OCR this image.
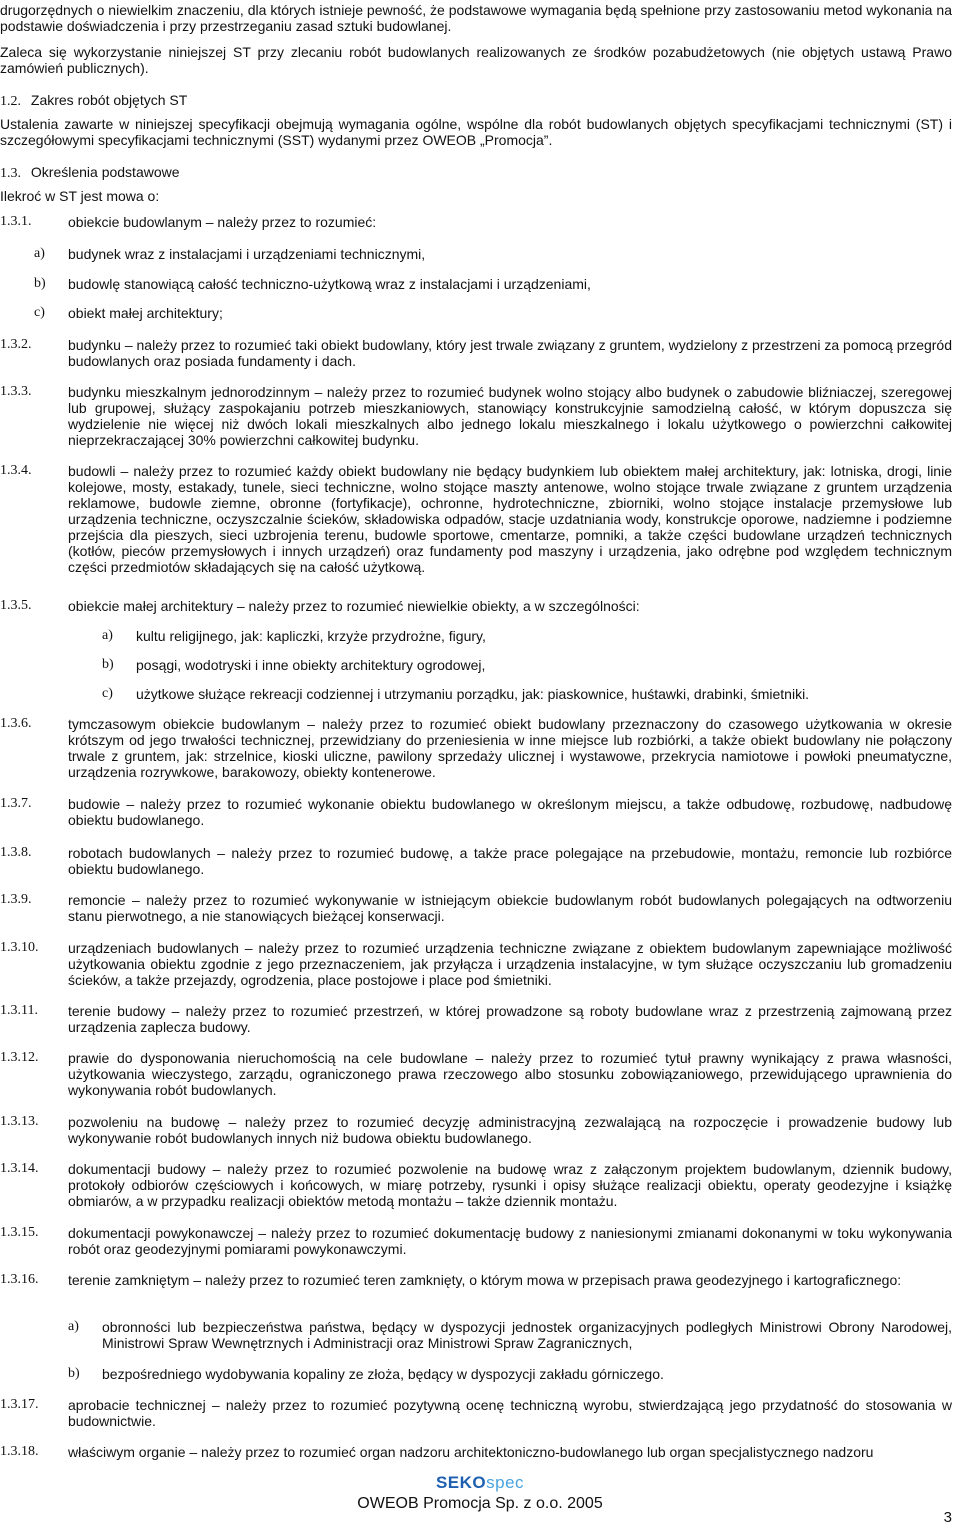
drugorzędnych o niewielkim znaczeniu, dla których istnieje pewność, że podstawowe wymagania będą spełnione przy zastosowaniu metod wykonania na podstawie doświadczenia i przy przestrzeganiu zasad sztuki budowlanej.

Zaleca się wykorzystanie niniejszej ST przy zlecaniu robót budowlanych realizowanych ze środków pozabudżetowych (nie objętych ustawą Prawo zamówień publicznych).

1.2. Zakres robót objętych ST

Ustalenia zawarte w niniejszej specyfikacji obejmują wymagania ogólne, wspólne dla robót budowlanych objętych specyfikacjami technicznymi (ST) i szczegółowymi specyfikacjami technicznymi (SST) wydanymi przez OWEOB „Promocja”.

1.3. Określenia podstawowe

Ilekroć w ST jest mowa o:

1.3.1.	obiekcie budowlanym – należy przez to rozumieć:

a) budynek wraz z instalacjami i urządzeniami technicznymi,

b) budowlę stanowiącą całość techniczno-użytkową wraz z instalacjami i urządzeniami,

c) obiekt małej architektury;

1.3.2.	budynku – należy przez to rozumieć taki obiekt budowlany, który jest trwale związany z gruntem, wydzielony z przestrzeni za pomocą przegród budowlanych oraz posiada fundamenty i dach.

1.3.3.	budynku mieszkalnym jednorodzinnym – należy przez to rozumieć budynek wolno stojący albo budynek o zabudowie bliźniaczej, szeregowej lub grupowej, służący zaspokajaniu potrzeb mieszkaniowych, stanowiący konstrukcyjnie samodzielną całość, w którym dopuszcza się wydzielenie nie więcej niż dwóch lokali mieszkalnych albo jednego lokalu mieszkalnego i lokalu użytkowego o powierzchni całkowitej nieprzekraczającej 30% powierzchni całkowitej budynku.

1.3.4.	budowli – należy przez to rozumieć każdy obiekt budowlany nie będący budynkiem lub obiektem małej architektury, jak: lotniska, drogi, linie kolejowe, mosty, estakady, tunele, sieci techniczne, wolno stojące maszty antenowe, wolno stojące trwale związane z gruntem urządzenia reklamowe, budowle ziemne, obronne (fortyfikacje), ochronne, hydrotechniczne, zbiorniki, wolno stojące instalacje przemysłowe lub urządzenia techniczne, oczyszczalnie ścieków, składowiska odpadów, stacje uzdatniania wody, konstrukcje oporowe, nadziemne i podziemne przejścia dla pieszych, sieci uzbrojenia terenu, budowle sportowe, cmentarze, pomniki, a także części budowlane urządzeń technicznych (kotłów, pieców przemysłowych i innych urządzeń) oraz fundamenty pod maszyny i urządzenia, jako odrębne pod względem technicznym części przedmiotów składających się na całość użytkową.

1.3.5.	obiekcie małej architektury – należy przez to rozumieć niewielkie obiekty, a w szczególności:

a) kultu religijnego, jak: kapliczki, krzyże przydrożne, figury,

b) posągi, wodotryski i inne obiekty architektury ogrodowej,

c) użytkowe służące rekreacji codziennej i utrzymaniu porządku, jak: piaskownice, huśtawki, drabinki, śmietniki.

1.3.6.	tymczasowym obiekcie budowlanym – należy przez to rozumieć obiekt budowlany przeznaczony do czasowego użytkowania w okresie krótszym od jego trwałości technicznej, przewidziany do przeniesienia w inne miejsce lub rozbiórki, a także obiekt budowlany nie połączony trwale z gruntem, jak: strzelnice, kioski uliczne, pawilony sprzedaży ulicznej i wystawowe, przekrycia namiotowe i powłoki pneumatyczne, urządzenia rozrywkowe, barakowozy, obiekty kontenerowe.

1.3.7.	budowie – należy przez to rozumieć wykonanie obiektu budowlanego w określonym miejscu, a także odbudowę, rozbudowę, nadbudowę obiektu budowlanego.

1.3.8.	robotach budowlanych – należy przez to rozumieć budowę, a także prace polegające na przebudowie, montażu, remoncie lub rozbiórce obiektu budowlanego.

1.3.9.	remoncie – należy przez to rozumieć wykonywanie w istniejącym obiekcie budowlanym robót budowlanych polegających na odtworzeniu stanu pierwotnego, a nie stanowiących bieżącej konserwacji.

1.3.10. urządzeniach budowlanych – należy przez to rozumieć urządzenia techniczne związane z obiektem budowlanym zapewniające możliwość użytkowania obiektu zgodnie z jego przeznaczeniem, jak przyłącza i urządzenia instalacyjne, w tym służące oczyszczaniu lub gromadzeniu ścieków, a także przejazdy, ogrodzenia, place postojowe i place pod śmietniki.

1.3.11. terenie budowy – należy przez to rozumieć przestrzeń, w której prowadzone są roboty budowlane wraz z przestrzenią zajmowaną przez urządzenia zaplecza budowy.

1.3.12. prawie do dysponowania nieruchomością na cele budowlane – należy przez to rozumieć tytuł prawny wynikający z prawa własności, użytkowania wieczystego, zarządu, ograniczonego prawa rzeczowego albo stosunku zobowiązaniowego, przewidującego uprawnienia do wykonywania robót budowlanych.

1.3.13. pozwoleniu na budowę – należy przez to rozumieć decyzję administracyjną zezwalającą na rozpoczęcie i prowadzenie budowy lub wykonywanie robót budowlanych innych niż budowa obiektu budowlanego.

1.3.14. dokumentacji budowy – należy przez to rozumieć pozwolenie na budowę wraz z załączonym projektem budowlanym, dziennik budowy, protokoły odbiorów częściowych i końcowych, w miarę potrzeby, rysunki i opisy służące realizacji obiektu, operaty geodezyjne i książkę obmiarów, a w przypadku realizacji obiektów metodą montażu – także dziennik montażu.

1.3.15. dokumentacji powykonawczej – należy przez to rozumieć dokumentację budowy z naniesionymi zmianami dokonanymi w toku wykonywania robót oraz geodezyjnymi pomiarami powykonawczymi.

1.3.16. terenie zamkniętym – należy przez to rozumieć teren zamknięty, o którym mowa w przepisach prawa geodezyjnego i kartograficznego:

a) obronności lub bezpieczeństwa państwa, będący w dyspozycji jednostek organizacyjnych podległych Ministrowi Obrony Narodowej, Ministrowi Spraw Wewnętrznych i Administracji oraz Ministrowi Spraw Zagranicznych,

b) bezpośredniego wydobywania kopaliny ze złoża, będący w dyspozycji zakładu górniczego.

1.3.17. aprobacie technicznej – należy przez to rozumieć pozytywną ocenę techniczną wyrobu, stwierdzającą jego przydatność do stosowania w budownictwie.

1.3.18. właściwym organie – należy przez to rozumieć organ nadzoru architektoniczno-budowlanego lub organ specjalistycznego nadzoru

SEKOspec
OWEOB Promocja Sp. z o.o. 2005
3
